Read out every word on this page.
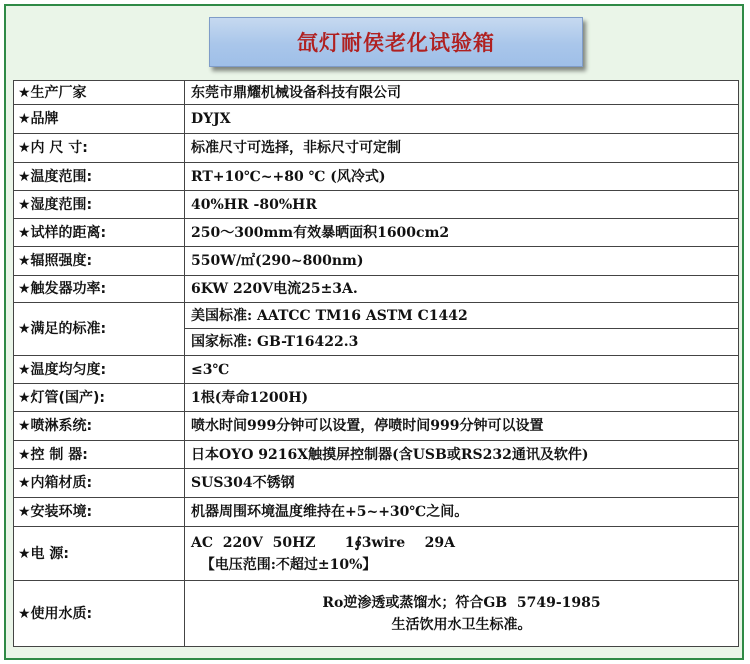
氙灯耐侯老化试验箱
★生产厂家	东莞市鼎耀机械设备科技有限公司
★品牌	DYJX
★内 尺 寸:	标准尺寸可选择，非标尺寸可定制
★温度范围:	RT+10℃~+80 ℃ (风冷式)
★湿度范围:	40%HR -80%HR
★试样的距离:	250～300mm有效暴晒面积1600cm2
★辐照强度:	550W/㎡(290~800nm)
★触发器功率:	6KW 220V电流25±3A.
★满足的标准:	美国标准: AATCC TM16 ASTM C1442
	国家标准: GB-T16422.3
★温度均匀度:	≤3℃
★灯管(国产):	1根(寿命1200H)
★喷淋系统:	喷水时间999分钟可以设置，停喷时间999分钟可以设置
★控 制 器:	日本OYO 9216X触摸屏控制器(含USB或RS232通讯及软件)
★内箱材质:	SUS304不锈钢
★安装环境:	机器周围环境温度维持在+5~+30℃之间。
★电 源:	AC  220V  50HZ      1∮3wire    29A
【电压范围:不超过±10%】

★使用水质:	Ro逆渗透或蒸馏水；符合GB  5749-1985
生活饮用水卫生标准。
